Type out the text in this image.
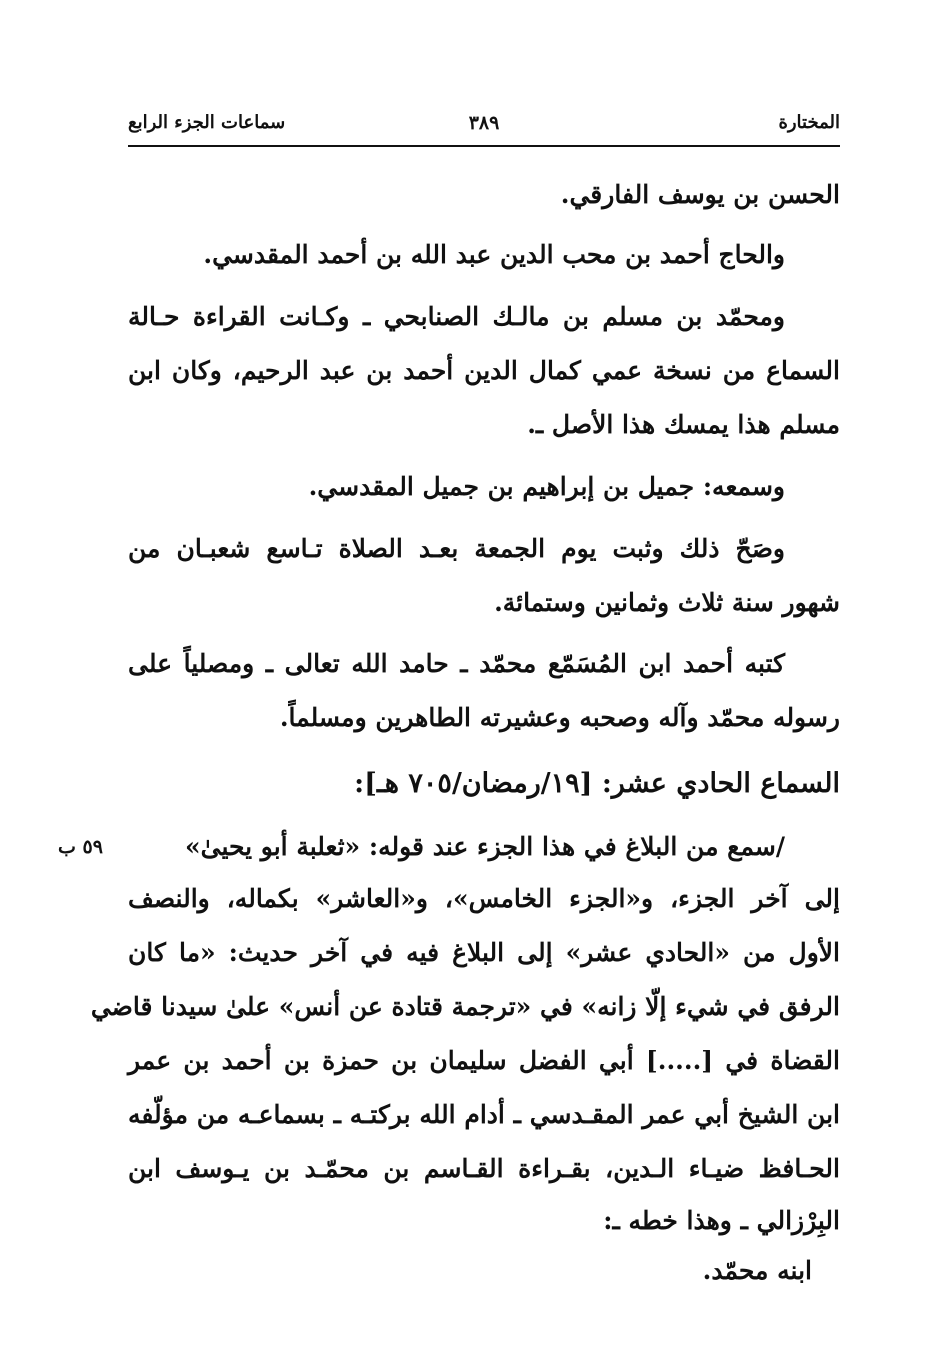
المختارة
٣٨٩
سماعات الجزء الرابع
٥٩ ب
الحسن بن يوسف الفارقي.
والحاج أحمد بن محب الدين عبد الله بن أحمد المقدسي.
ومحمّد بن مسلم بن مالـك الصنابحي ـ وكـانت القراءة حـالة
السماع من نسخة عمي كمال الدين أحمد بن عبد الرحيم، وكان ابن
مسلم هذا يمسك هذا الأصل ـ.
وسمعه: جميل بن إبراهيم بن جميل المقدسي.
وصَحّ ذلك وثبت يوم الجمعة بعـد الصلاة تـاسع شعبـان من
شهور سنة ثلاث وثمانين وستمائة.
كتبه أحمد ابن المُسَمّع محمّد ـ حامد الله تعالى ـ ومصلياً على
رسوله محمّد وآله وصحبه وعشيرته الطاهرين ومسلماً.
السماع الحادي عشر: [١٩/رمضان/٧٠٥ هـ]:
/سمع من البلاغ في هذا الجزء عند قوله: «ثعلبة أبو يحيىٰ»
إلى آخر الجزء، و«الجزء الخامس»، و«العاشر» بكماله، والنصف
الأول من «الحادي عشر» إلى البلاغ فيه في آخر حديث: «ما كان
الرفق في شيء إلّا زانه» في «ترجمة قتادة عن أنس» علىٰ سيدنا قاضي
القضاة في [.....] أبي الفضل سليمان بن حمزة بن أحمد بن عمر
ابن الشيخ أبي عمر المقـدسي ـ أدام الله بركتـه ـ بسماعـه من مؤلّفه
الحـافظ ضيـاء الـدين، بقـراءة القـاسم بن محمّـد بن يـوسف ابن
البِرْزالي ـ وهذا خطه ـ:
ابنه محمّد.
